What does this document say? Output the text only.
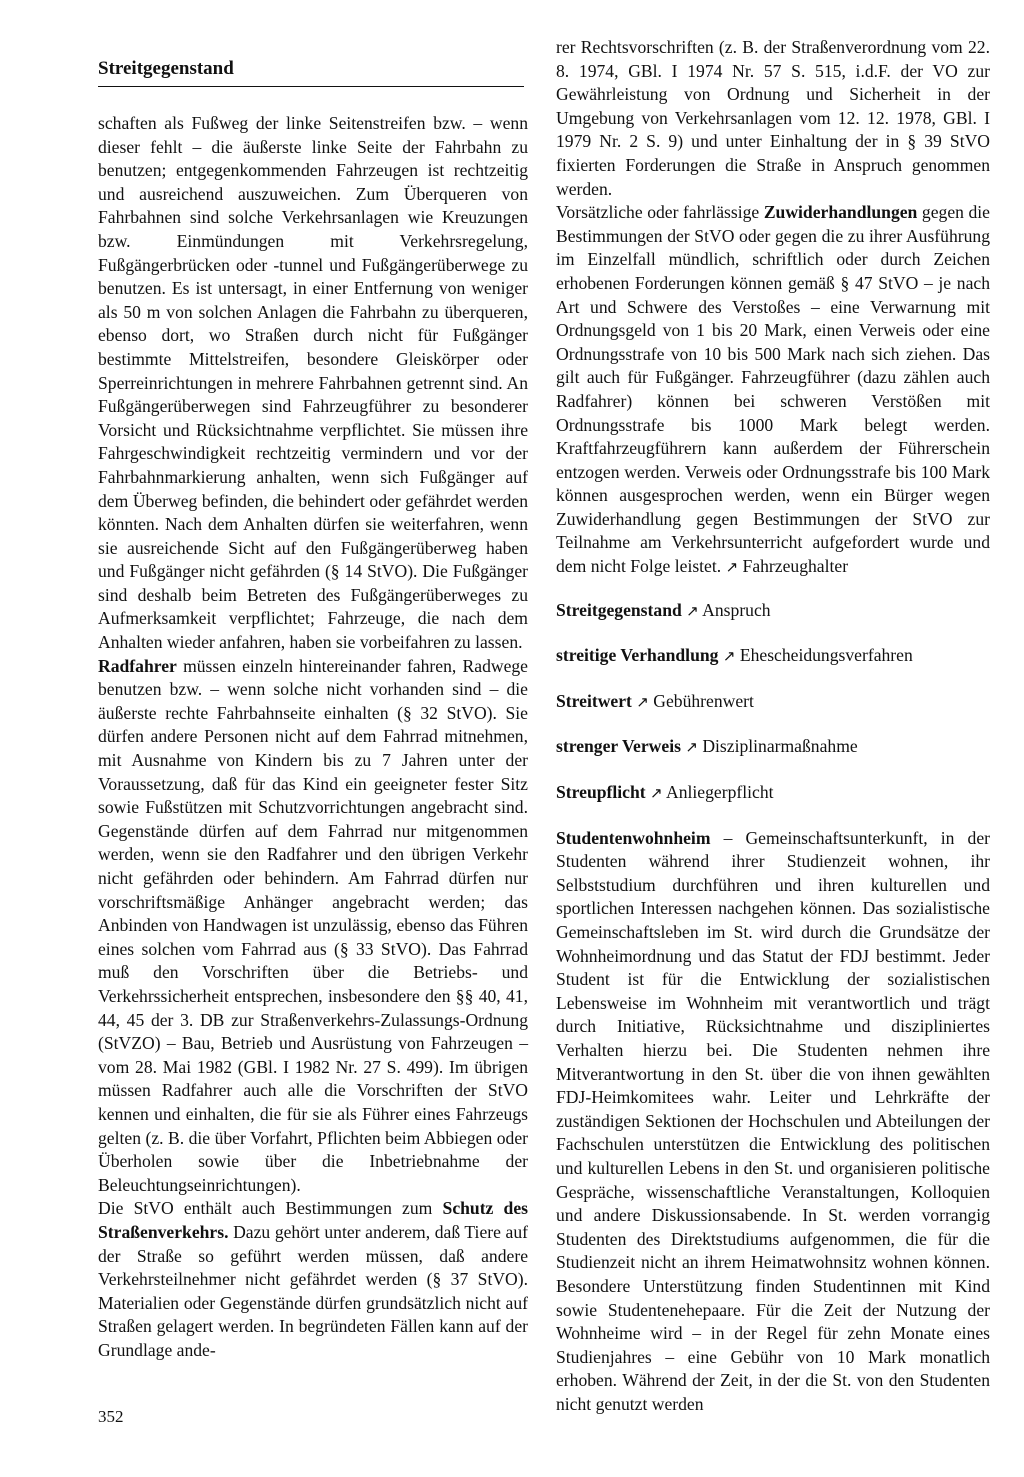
Streitgegenstand

schaften als Fußweg der linke Seitenstreifen bzw. – wenn dieser fehlt – die äußerste linke Seite der Fahrbahn zu benutzen; entgegenkommenden Fahrzeugen ist rechtzeitig und ausreichend auszuweichen. Zum Überqueren von Fahrbahnen sind solche Verkehrsanlagen wie Kreuzungen bzw. Einmündungen mit Verkehrsregelung, Fußgängerbrücken oder -tunnel und Fußgängerüberwege zu benutzen. Es ist untersagt, in einer Entfernung von weniger als 50 m von solchen Anlagen die Fahrbahn zu überqueren, ebenso dort, wo Straßen durch nicht für Fußgänger bestimmte Mittelstreifen, besondere Gleiskörper oder Sperreinrichtungen in mehrere Fahrbahnen getrennt sind. An Fußgängerüberwegen sind Fahrzeugführer zu besonderer Vorsicht und Rücksichtnahme verpflichtet. Sie müssen ihre Fahrgeschwindigkeit rechtzeitig vermindern und vor der Fahrbahnmarkierung anhalten, wenn sich Fußgänger auf dem Überweg befinden, die behindert oder gefährdet werden könnten. Nach dem Anhalten dürfen sie weiterfahren, wenn sie ausreichende Sicht auf den Fußgängerüberweg haben und Fußgänger nicht gefährden (§ 14 StVO). Die Fußgänger sind deshalb beim Betreten des Fußgängerüberweges zu Aufmerksamkeit verpflichtet; Fahrzeuge, die nach dem Anhalten wieder anfahren, haben sie vorbeifahren zu lassen.

Radfahrer müssen einzeln hintereinander fahren, Radwege benutzen bzw. – wenn solche nicht vorhanden sind – die äußerste rechte Fahrbahnseite einhalten (§ 32 StVO). Sie dürfen andere Personen nicht auf dem Fahrrad mitnehmen, mit Ausnahme von Kindern bis zu 7 Jahren unter der Voraussetzung, daß für das Kind ein geeigneter fester Sitz sowie Fußstützen mit Schutzvorrichtungen angebracht sind. Gegenstände dürfen auf dem Fahrrad nur mitgenommen werden, wenn sie den Radfahrer und den übrigen Verkehr nicht gefährden oder behindern. Am Fahrrad dürfen nur vorschriftsmäßige Anhänger angebracht werden; das Anbinden von Handwagen ist unzulässig, ebenso das Führen eines solchen vom Fahrrad aus (§ 33 StVO). Das Fahrrad muß den Vorschriften über die Betriebs- und Verkehrssicherheit entsprechen, insbesondere den §§ 40, 41, 44, 45 der 3. DB zur Straßenverkehrs-Zulassungs-Ordnung (StVZO) – Bau, Betrieb und Ausrüstung von Fahrzeugen – vom 28. Mai 1982 (GBl. I 1982 Nr. 27 S. 499). Im übrigen müssen Radfahrer auch alle die Vorschriften der StVO kennen und einhalten, die für sie als Führer eines Fahrzeugs gelten (z. B. die über Vorfahrt, Pflichten beim Abbiegen oder Überholen sowie über die Inbetriebnahme der Beleuchtungseinrichtungen).

Die StVO enthält auch Bestimmungen zum Schutz des Straßenverkehrs. Dazu gehört unter anderem, daß Tiere auf der Straße so geführt werden müssen, daß andere Verkehrsteilnehmer nicht gefährdet werden (§ 37 StVO). Materialien oder Gegenstände dürfen grundsätzlich nicht auf Straßen gelagert werden. In begründeten Fällen kann auf der Grundlage ande-

rer Rechtsvorschriften (z. B. der Straßenverordnung vom 22. 8. 1974, GBl. I 1974 Nr. 57 S. 515, i.d.F. der VO zur Gewährleistung von Ordnung und Sicherheit in der Umgebung von Verkehrsanlagen vom 12. 12. 1978, GBl. I 1979 Nr. 2 S. 9) und unter Einhaltung der in § 39 StVO fixierten Forderungen die Straße in Anspruch genommen werden.

Vorsätzliche oder fahrlässige Zuwiderhandlungen gegen die Bestimmungen der StVO oder gegen die zu ihrer Ausführung im Einzelfall mündlich, schriftlich oder durch Zeichen erhobenen Forderungen können gemäß § 47 StVO – je nach Art und Schwere des Verstoßes – eine Verwarnung mit Ordnungsgeld von 1 bis 20 Mark, einen Verweis oder eine Ordnungsstrafe von 10 bis 500 Mark nach sich ziehen. Das gilt auch für Fußgänger. Fahrzeugführer (dazu zählen auch Radfahrer) können bei schweren Verstößen mit Ordnungsstrafe bis 1000 Mark belegt werden. Kraftfahrzeugführern kann außerdem der Führerschein entzogen werden. Verweis oder Ordnungsstrafe bis 100 Mark können ausgesprochen werden, wenn ein Bürger wegen Zuwiderhandlung gegen Bestimmungen der StVO zur Teilnahme am Verkehrsunterricht aufgefordert wurde und dem nicht Folge leistet. ↗ Fahrzeughalter

Streitgegenstand ↗ Anspruch

streitige Verhandlung ↗ Ehescheidungsverfahren

Streitwert ↗ Gebührenwert

strenger Verweis ↗ Disziplinarmaßnahme

Streupflicht ↗ Anliegerpflicht

Studentenwohnheim – Gemeinschaftsunterkunft, in der Studenten während ihrer Studienzeit wohnen, ihr Selbststudium durchführen und ihren kulturellen und sportlichen Interessen nachgehen können. Das sozialistische Gemeinschaftsleben im St. wird durch die Grundsätze der Wohnheimordnung und das Statut der FDJ bestimmt. Jeder Student ist für die Entwicklung der sozialistischen Lebensweise im Wohnheim mit verantwortlich und trägt durch Initiative, Rücksichtnahme und diszipliniertes Verhalten hierzu bei. Die Studenten nehmen ihre Mitverantwortung in den St. über die von ihnen gewählten FDJ-Heimkomitees wahr. Leiter und Lehrkräfte der zuständigen Sektionen der Hochschulen und Abteilungen der Fachschulen unterstützen die Entwicklung des politischen und kulturellen Lebens in den St. und organisieren politische Gespräche, wissenschaftliche Veranstaltungen, Kolloquien und andere Diskussionsabende. In St. werden vorrangig Studenten des Direktstudiums aufgenommen, die für die Studienzeit nicht an ihrem Heimatwohnsitz wohnen können. Besondere Unterstützung finden Studentinnen mit Kind sowie Studentenehepaare. Für die Zeit der Nutzung der Wohnheime wird – in der Regel für zehn Monate eines Studienjahres – eine Gebühr von 10 Mark monatlich erhoben. Während der Zeit, in der die St. von den Studenten nicht genutzt werden

352
